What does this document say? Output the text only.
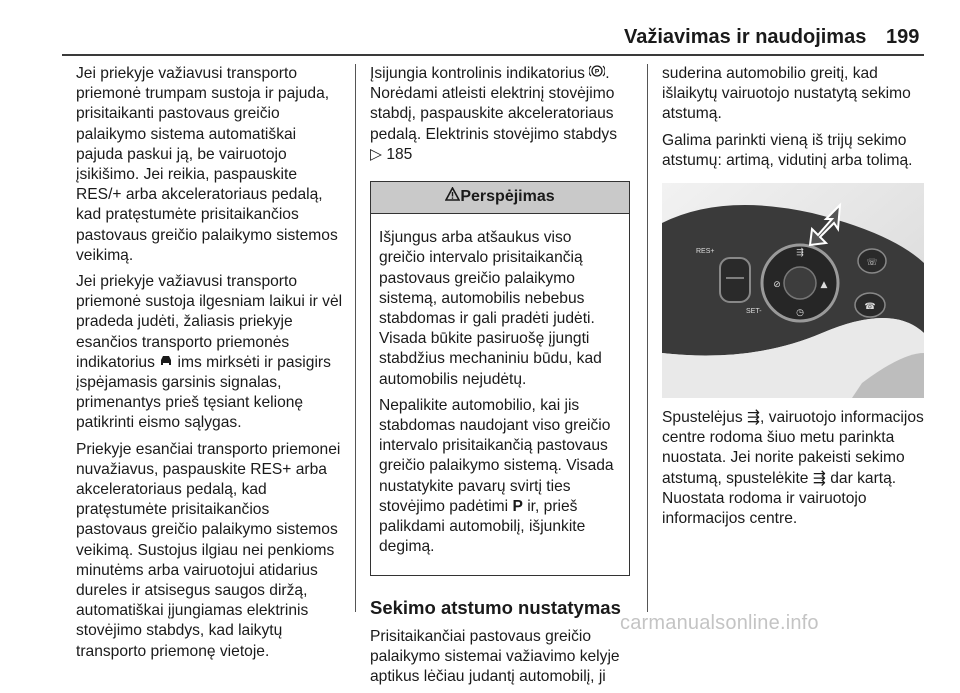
Važiavimas ir naudojimas 199

Jei priekyje važiavusi transporto priemonė trumpam sustoja ir pajuda, prisitaikanti pastovaus greičio palaikymo sistema automatiškai pajuda paskui ją, be vairuotojo įsikišimo. Jei reikia, paspauskite RES/+ arba akceleratoriaus pedalą, kad pratęstumėte prisitaikančios pastovaus greičio palaikymo sistemos veikimą.

Jei priekyje važiavusi transporto priemonė sustoja ilgesniam laikui ir vėl pradeda judėti, žaliasis priekyje esančios transporto priemonės indikatorius  ims mirksėti ir pasigirs įspėjamasis garsinis signalas, primenantys prieš tęsiant kelionę patikrinti eismo sąlygas.

Priekyje esančiai transporto priemonei nuvažiavus, paspauskite RES+ arba akceleratoriaus pedalą, kad pratęstumėte prisitaikančios pastovaus greičio palaikymo sistemos veikimą. Sustojus ilgiau nei penkioms minutėms arba vairuotojui atidarius dureles ir atsisegus saugos diržą, automatiškai įjungiamas elektrinis stovėjimo stabdys, kad laikytų transporto priemonę vietoje.

Įsijungia kontrolinis indikatorius P . Norėdami atleisti elektrinį stovėjimo stabdį, paspauskite akceleratoriaus pedalą. Elektrinis stovėjimo stabdys
▷ 185

Perspėjimas

Išjungus arba atšaukus viso greičio intervalo prisitaikančią pastovaus greičio palaikymo sistemą, automobilis nebebus stabdomas ir gali pradėti judėti. Visada būkite pasiruošę įjungti stabdžius mechaniniu būdu, kad automobilis nejudėtų.

Nepalikite automobilio, kai jis stabdomas naudojant viso greičio intervalo prisitaikančią pastovaus greičio palaikymo sistemą. Visada nustatykite pavarų svirtį ties stovėjimo padėtimi P ir, prieš palikdami automobilį, išjunkite degimą.

Sekimo atstumo nustatymas

Prisitaikančiai pastovaus greičio palaikymo sistemai važiavimo kelyje aptikus lėčiau judantį automobilį, ji

suderina automobilio greitį, kad išlaikytų vairuotojo nustatytą sekimo atstumą.

Galima parinkti vieną iš trijų sekimo atstumų: artimą, vidutinį arba tolimą.

RES+
SET-
⇶
⊘	▲
◷
☏
☎

Spustelėjus ⇶, vairuotojo informacijos centre rodoma šiuo metu parinkta nuostata. Jei norite pakeisti sekimo atstumą, spustelėkite ⇶ dar kartą. Nuostata rodoma ir vairuotojo informacijos centre.

carmanualsonline.info
